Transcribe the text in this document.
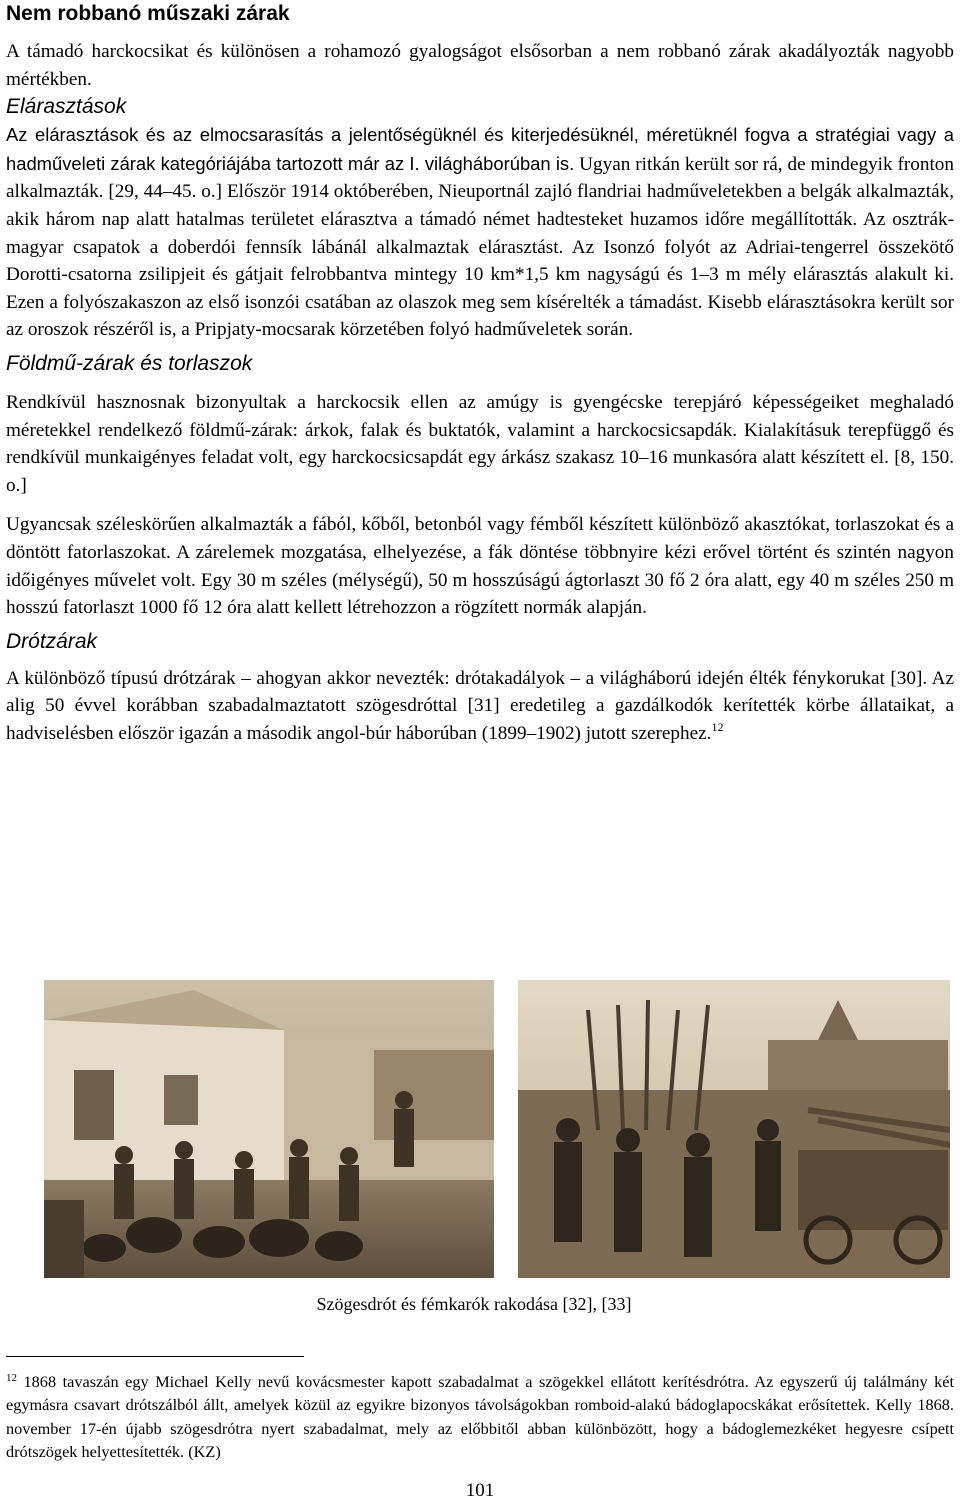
Nem robbanó műszaki zárak

A támadó harckocsikat és különösen a rohamozó gyalogságot elsősorban a nem robbanó zárak akadályozták nagyobb mértékben.

Elárasztások

Az elárasztások és az elmocsarasítás a jelentőségüknél és kiterjedésüknél, méretüknél fogva a stratégiai vagy a hadműveleti zárak kategóriájába tartozott már az I. világháborúban is. Ugyan ritkán került sor rá, de mindegyik fronton alkalmazták. [29, 44–45. o.] Először 1914 októberében, Nieuportnál zajló flandriai hadműveletekben a belgák alkalmazták, akik három nap alatt hatalmas területet elárasztva a támadó német hadtesteket huzamos időre megállították. Az osztrák-magyar csapatok a doberdói fennsík lábánál alkalmaztak elárasztást. Az Isonzó folyót az Adriai-tengerrel összekötő Dorotti-csatorna zsilipjeit és gátjait felrobbantva mintegy 10 km*1,5 km nagyságú és 1–3 m mély elárasztás alakult ki. Ezen a folyószakaszon az első isonzói csatában az olaszok meg sem kísérelték a támadást. Kisebb elárasztásokra került sor az oroszok részéről is, a Pripjaty-mocsarak körzetében folyó hadműveletek során.

Földmű-zárak és torlaszok

Rendkívül hasznosnak bizonyultak a harckocsik ellen az amúgy is gyengécske terepjáró képességeiket meghaladó méretekkel rendelkező földmű-zárak: árkok, falak és buktatók, valamint a harckocsicsapdák. Kialakításuk terepfüggő és rendkívül munkaigényes feladat volt, egy harckocsicsapdát egy árkász szakasz 10–16 munkasóra alatt készített el. [8, 150. o.]

Ugyancsak széleskörűen alkalmazták a fából, kőből, betonból vagy fémből készített különböző akasztókat, torlaszokat és a döntött fatorlaszokat. A zárelemek mozgatása, elhelyezése, a fák döntése többnyire kézi erővel történt és szintén nagyon időigényes művelet volt. Egy 30 m széles (mélységű), 50 m hosszúságú ágtorlaszt 30 fő 2 óra alatt, egy 40 m széles 250 m hosszú fatorlaszt 1000 fő 12 óra alatt kellett létrehozzon a rögzített normák alapján.

Drótzárak

A különböző típusú drótzárak – ahogyan akkor nevezték: drótakadályok – a világháború idején élték fénykorukat [30]. Az alig 50 évvel korábban szabadalmaztatott szögesdróttal [31] eredetileg a gazdálkodók kerítették körbe állataikat, a hadviselésben először igazán a második angol-búr háborúban (1899–1902) jutott szerephez.$^{12}$

Szögesdrót és fémkarók rakodása [32], [33]
$^{12}$ 1868 tavaszán egy Michael Kelly nevű kovácsmester kapott szabadalmat a szögekkel ellátott kerítésdrótra. Az egyszerű új találmány két egymásra csavart drótszálból állt, amelyek közül az egyikre bizonyos távolságokban romboid-alakú bádoglapocskákat erősítettek. Kelly 1868. november 17-én újabb szögesdrótra nyert szabadalmat, mely az előbbitől abban különbözött, hogy a bádoglemezkéket hegyesre csípett drótszögek helyettesítették. (KZ)
101
